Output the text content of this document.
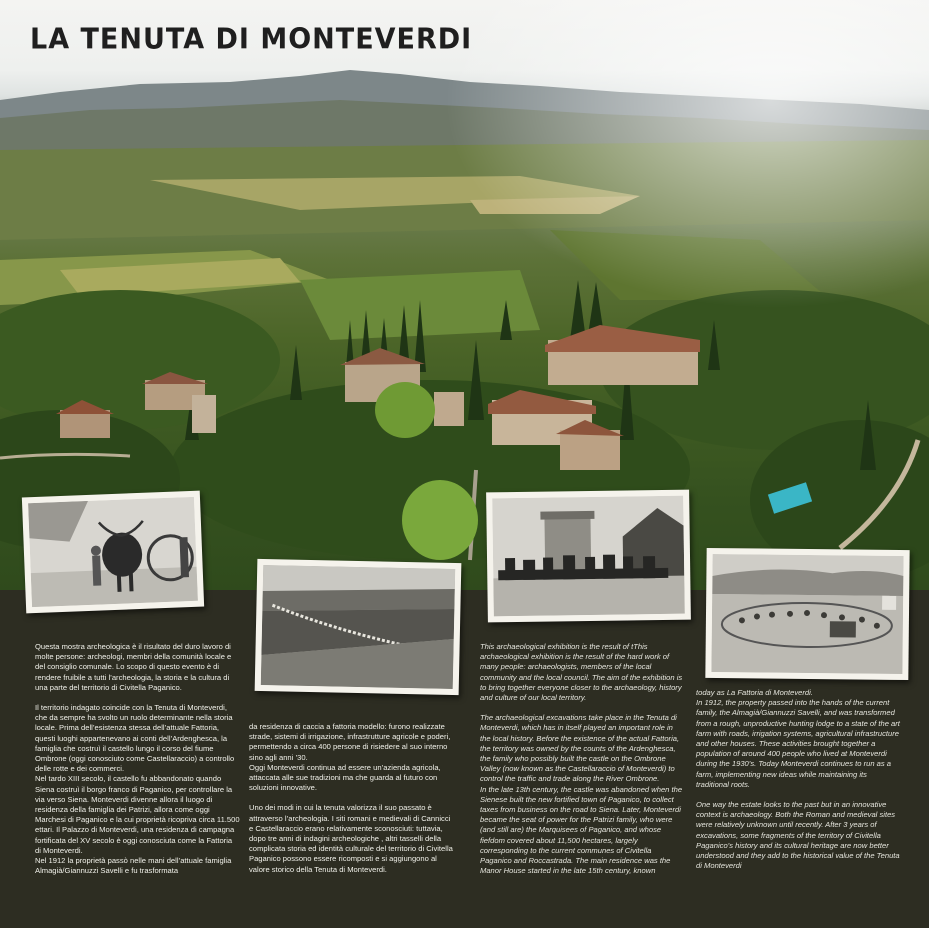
LA TENUTA DI MONTEVERDI

Questa mostra archeologica è il risultato del duro lavoro di molte persone: archeologi, membri della comunità locale e del consiglio comunale. Lo scopo di questo evento è di rendere fruibile a tutti l’archeologia, la storia e la cultura di una parte del territorio di Civitella Paganico.

Il territorio indagato coincide con la Tenuta di Monteverdi, che da sempre ha svolto un ruolo determinante nella storia locale. Prima dell’esistenza stessa dell’attuale Fattoria, questi luoghi appartenevano ai conti dell’Ardenghesca, la famiglia che costruì il castello lungo il corso del fiume Ombrone (oggi conosciuto come Castellaraccio) a controllo delle rotte e dei commerci.
Nel tardo XIII secolo, il castello fu abbandonato quando Siena costruì il borgo franco di Paganico, per controllare la via verso Siena. Monteverdi divenne allora il luogo di residenza della famiglia dei Patrizi, allora come oggi Marchesi di Paganico e la cui proprietà ricopriva circa 11.500 ettari. Il Palazzo di Monteverdi, una residenza di campagna fortificata del XV secolo è oggi conosciuta come la Fattoria di Monteverdi.
Nel 1912 la proprietà passò nelle mani dell’attuale famiglia Almagià/Giannuzzi Savelli e fu trasformata

da residenza di caccia a fattoria modello: furono realizzate strade, sistemi di irrigazione, infrastrutture agricole e poderi, permettendo a circa 400 persone di risiedere al suo interno sino agli anni ’30.
Oggi Monteverdi continua ad essere un’azienda agricola, attaccata alle sue tradizioni ma che guarda al futuro con soluzioni innovative.

Uno dei modi in cui la tenuta valorizza il suo passato è attraverso l’archeologia. I siti romani e medievali di Cannicci e Castellaraccio erano relativamente sconosciuti: tuttavia, dopo tre anni di indagini archeologiche , altri tasselli della complicata storia ed identità culturale del territorio di Civitella Paganico possono essere ricomposti e si aggiungono al valore storico della Tenuta di Monteverdi.

This archaeological exhibition is the result of tThis archaeological exhibition is the result of the hard work of many people: archaeologists, members of the local community and the local council. The aim of the exhibition is to bring together everyone closer to the archaeology, history and culture of our local territory.

The archaeological excavations take place in the Tenuta di Monteverdi, which has in itself played an important role in the local history. Before the existence of the actual Fattoria, the territory was owned by the counts of the Ardenghesca, the family who possibly built the castle on the Ombrone Valley (now known as the Castellaraccio of Monteverdi) to control the traffic and trade along the River Ombrone.
In the late 13th century, the castle was abandoned when the Sienese built the new fortified town of Paganico, to collect taxes from business on the road to Siena. Later, Monteverdi became the seat of power for the Patrizi family, who were (and still are) the Marquisees of Paganico, and whose fiefdom covered about 11,500 hectares, largely corresponding to the current communes of Civitella Paganico and Roccastrada. The main residence was the Manor House started in the late 15th century, known

today as La Fattoria di Monteverdi.
In 1912, the property passed into the hands of the current family, the Almagià/Giannuzzi Savelli, and was transformed from a rough, unproductive hunting lodge to a state of the art farm with roads, irrigation systems, agricultural infrastructure and other houses. These activities brought together a population of around 400 people who lived at Monteverdi during the 1930’s. Today Monteverdi continues to run as a farm, implementing new ideas while maintaining its traditional roots.

One way the estate looks to the past but in an innovative context is archaeology. Both the Roman and medieval sites were relatively unknown until recently. After 3 years of excavations, some fragments of the territory of Civitella Paganico’s history and its cultural heritage are now better understood and they add to the historical value of the Tenuta di Monteverdi
